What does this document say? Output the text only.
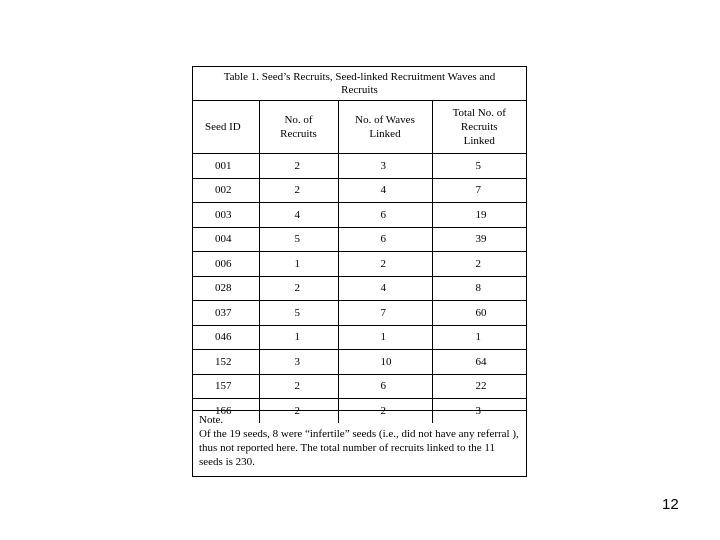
Table 1. Seed’s Recruits, Seed-linked Recruitment Waves and Recruits
Seed ID	No. of Recruits	No. of Waves Linked	Total No. of Recruits Linked

001	2	3	5
002	2	4	7
003	4	6	19
004	5	6	39
006	1	2	2
028	2	4	8
037	5	7	60
046	1	1	1
152	3	10	64
157	2	6	22
166	2	2	3
Note.
Of the 19 seeds, 8 were “infertile” seeds (i.e., did not have any referral ), thus not reported here. The total number of recruits linked to the 11 seeds is 230.
12
